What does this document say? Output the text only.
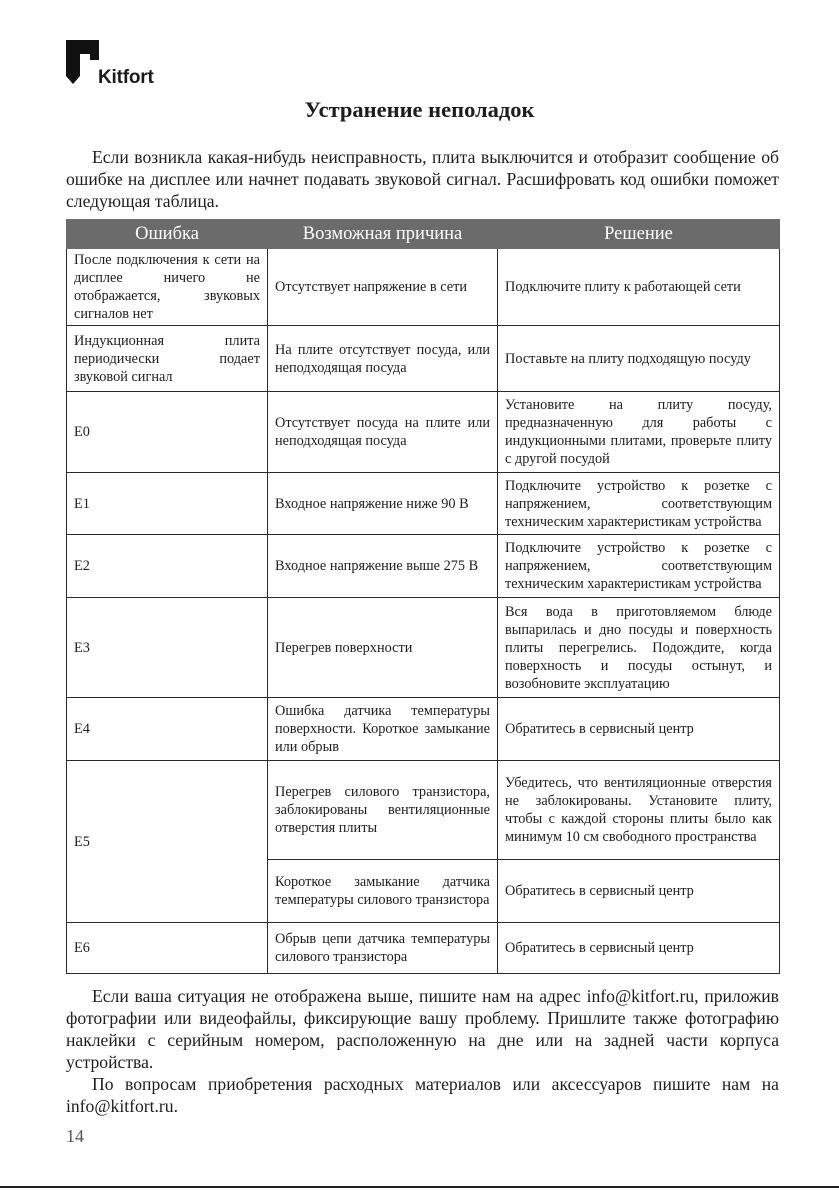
Kitfort
Устранение неполадок

Если возникла какая-нибудь неисправность, плита выключится и отобразит сообщение об ошибке на дисплее или начнет подавать звуковой сигнал. Расшифровать код ошибки поможет следующая таблица.

Ошибка	Возможная причина	Решение
После подключения к сети на дисплее ничего не отображается, звуковых сигналов нет	Отсутствует напряжение в сети	Подключите плиту к работающей сети
Индукционная плита периодически подает звуковой сигнал	На плите отсутствует посуда, или неподходящая посуда	Поставьте на плиту подходящую посуду
E0	Отсутствует посуда на плите или неподходящая посуда	Установите на плиту посуду, предназначенную для работы с индукционными плитами, проверьте плиту с другой посудой
E1	Входное напряжение ниже 90 В	Подключите устройство к розетке с напряжением, соответствующим техническим характеристикам устройства
E2	Входное напряжение выше 275 В	Подключите устройство к розетке с напряжением, соответствующим техническим характеристикам устройства
E3	Перегрев поверхности	Вся вода в приготовляемом блюде выпарилась и дно посуды и поверхность плиты перегрелись. Подождите, когда поверхность и посуды остынут, и возобновите эксплуатацию
E4	Ошибка датчика температуры поверхности. Короткое замыкание или обрыв	Обратитесь в сервисный центр
E5	Перегрев силового транзистора, заблокированы вентиляционные отверстия плиты	Убедитесь, что вентиляционные отверстия не заблокированы. Установите плиту, чтобы с каждой стороны плиты было как минимум 10 см свободного пространства
	Короткое замыкание датчика температуры силового транзистора	Обратитесь в сервисный центр
E6	Обрыв цепи датчика температуры силового транзистора	Обратитесь в сервисный центр

Если ваша ситуация не отображена выше, пишите нам на адрес info@kitfort.ru, приложив фотографии или видеофайлы, фиксирующие вашу проблему. Пришлите также фотографию наклейки с серийным номером, расположенную на дне или на задней части корпуса устройства.

По вопросам приобретения расходных материалов или аксессуаров пишите нам на info@kitfort.ru.

14
